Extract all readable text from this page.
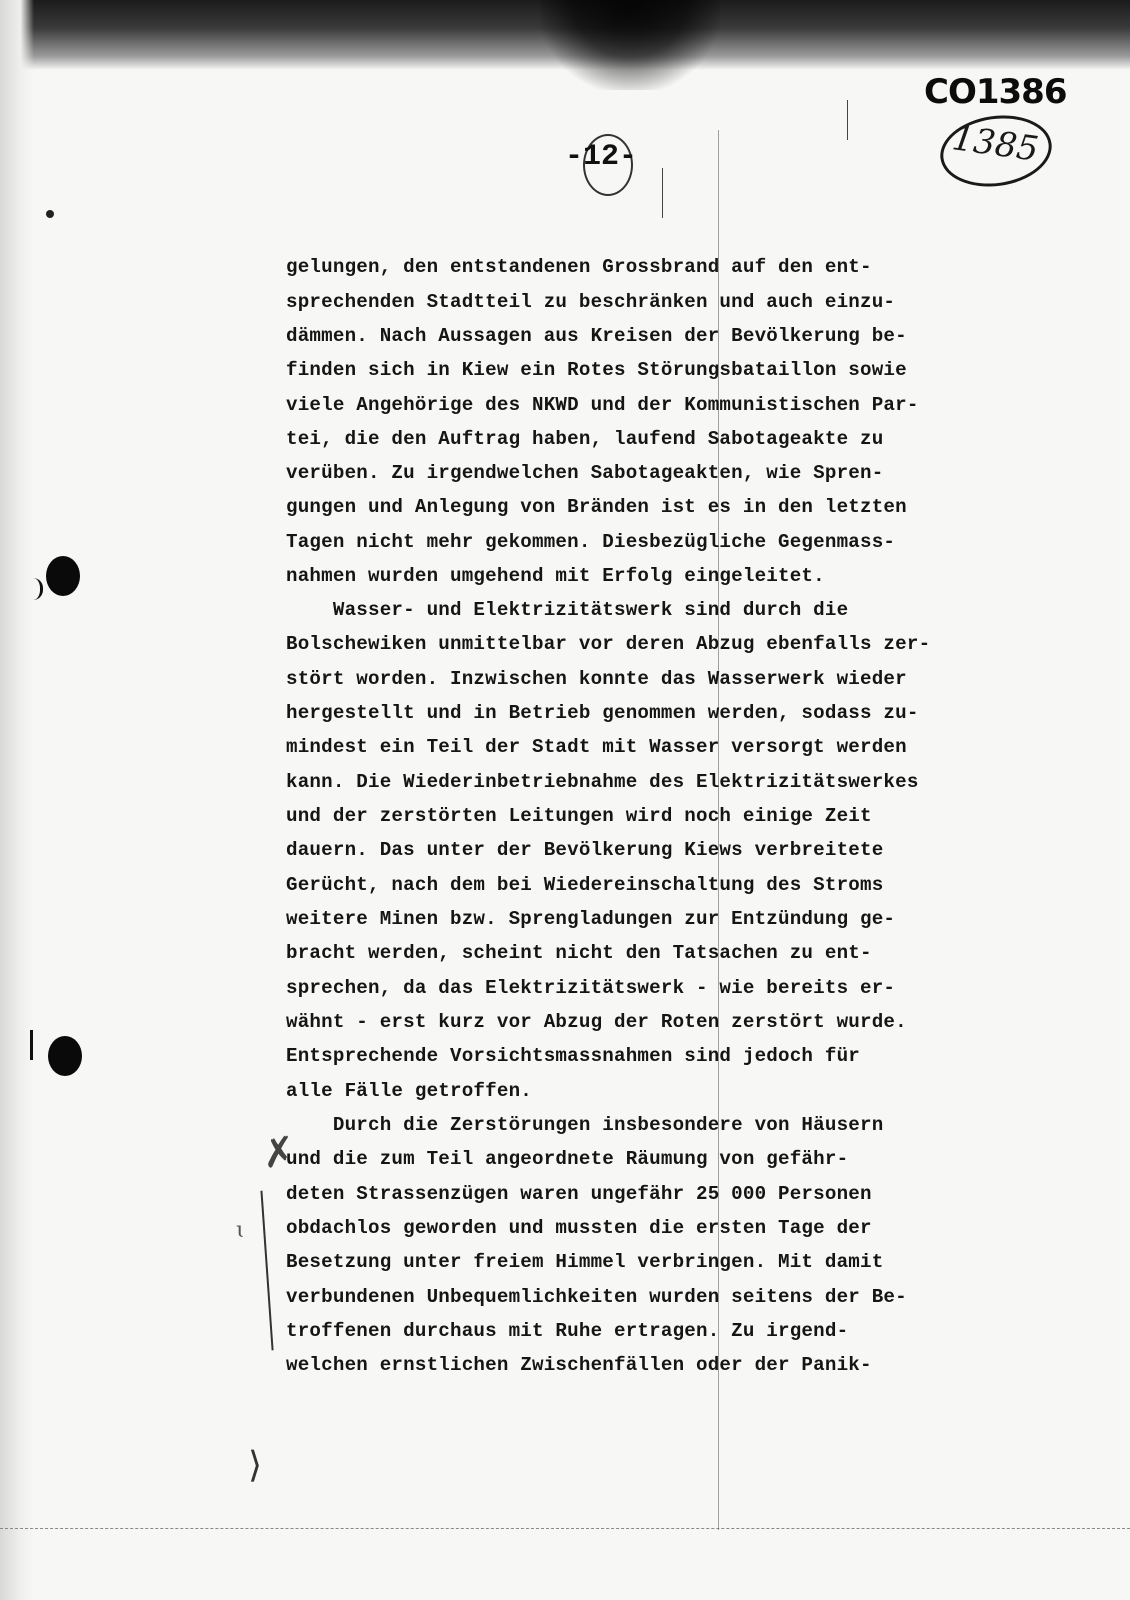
CO1386
1385
-12-
gelungen, den entstandenen Grossbrand auf den ent-
sprechenden Stadtteil zu beschränken und auch einzu-
dämmen. Nach Aussagen aus Kreisen der Bevölkerung be-
finden sich in Kiew ein Rotes Störungsbataillon sowie
viele Angehörige des NKWD und der Kommunistischen Par-
tei, die den Auftrag haben, laufend Sabotageakte zu
verüben. Zu irgendwelchen Sabotageakten, wie Spren-
gungen und Anlegung von Bränden ist es in den letzten
Tagen nicht mehr gekommen. Diesbezügliche Gegenmass-
nahmen wurden umgehend mit Erfolg eingeleitet.
Wasser- und Elektrizitätswerk sind durch die
Bolschewiken unmittelbar vor deren Abzug ebenfalls zer-
stört worden. Inzwischen konnte das Wasserwerk wieder
hergestellt und in Betrieb genommen werden, sodass zu-
mindest ein Teil der Stadt mit Wasser versorgt werden
kann. Die Wiederinbetriebnahme des Elektrizitätswerkes
und der zerstörten Leitungen wird noch einige Zeit
dauern. Das unter der Bevölkerung Kiews verbreitete
Gerücht, nach dem bei Wiedereinschaltung des Stroms
weitere Minen bzw. Sprengladungen zur Entzündung ge-
bracht werden, scheint nicht den Tatsachen zu ent-
sprechen, da das Elektrizitätswerk - wie bereits er-
wähnt - erst kurz vor Abzug der Roten zerstört wurde.
Entsprechende Vorsichtsmassnahmen sind jedoch für
alle Fälle getroffen.
Durch die Zerstörungen insbesondere von Häusern
und die zum Teil angeordnete Räumung von gefähr-
deten Strassenzügen waren ungefähr 25 000 Personen
obdachlos geworden und mussten die ersten Tage der
Besetzung unter freiem Himmel verbringen. Mit damit
verbundenen Unbequemlichkeiten wurden seitens der Be-
troffenen durchaus mit Ruhe ertragen. Zu irgend-
welchen ernstlichen Zwischenfällen oder der Panik-
✗
ɩ
⟩
